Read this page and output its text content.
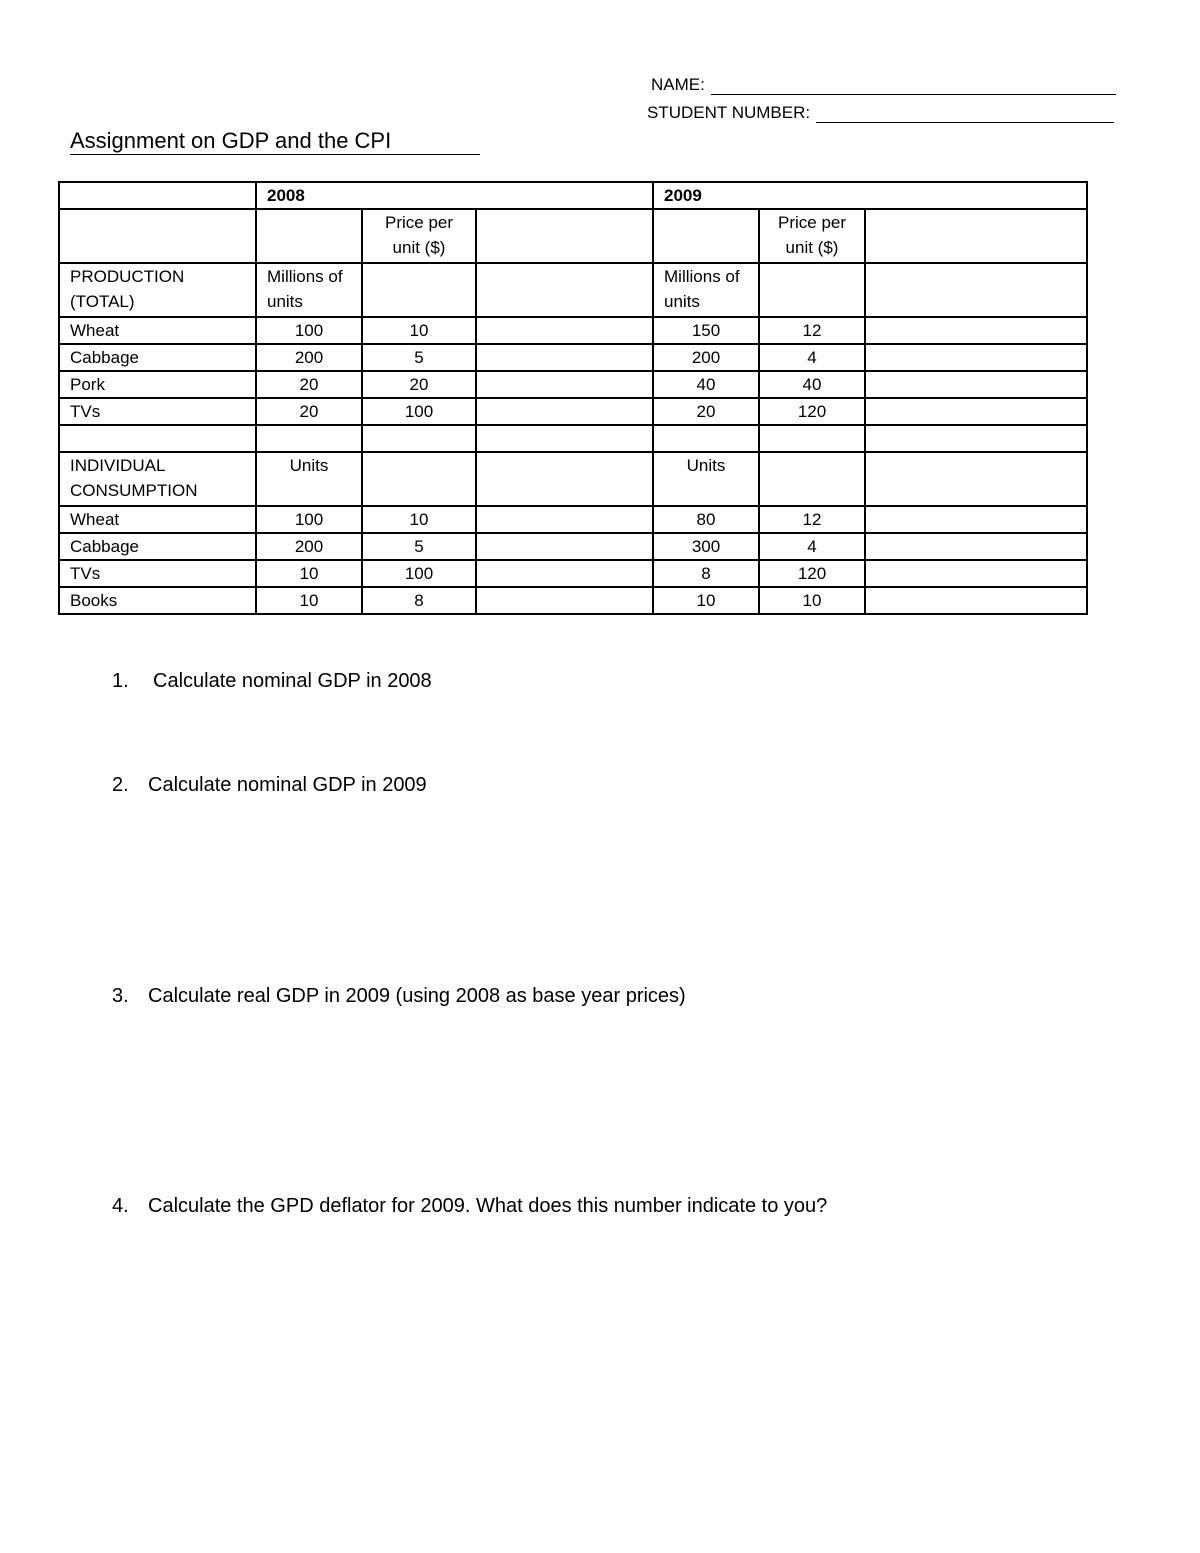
NAME:
STUDENT NUMBER:
Assignment on GDP and the CPI
	2008			2009		
		Price per unit ($)			Price per unit ($)	
PRODUCTION (TOTAL)	Millions of units			Millions of units		
Wheat	100	10		150	12	
Cabbage	200	5		200	4	
Pork	20	20		40	40	
TVs	20	100		20	120	

INDIVIDUAL CONSUMPTION	Units			Units		
Wheat	100	10		80	12	
Cabbage	200	5		300	4	
TVs	10	100		8	120	
Books	10	8		10	10	
1. Calculate nominal GDP in 2008
2. Calculate nominal GDP in 2009
3. Calculate real GDP in 2009 (using 2008 as base year prices)
4. Calculate the GPD deflator for 2009. What does this number indicate to you?
